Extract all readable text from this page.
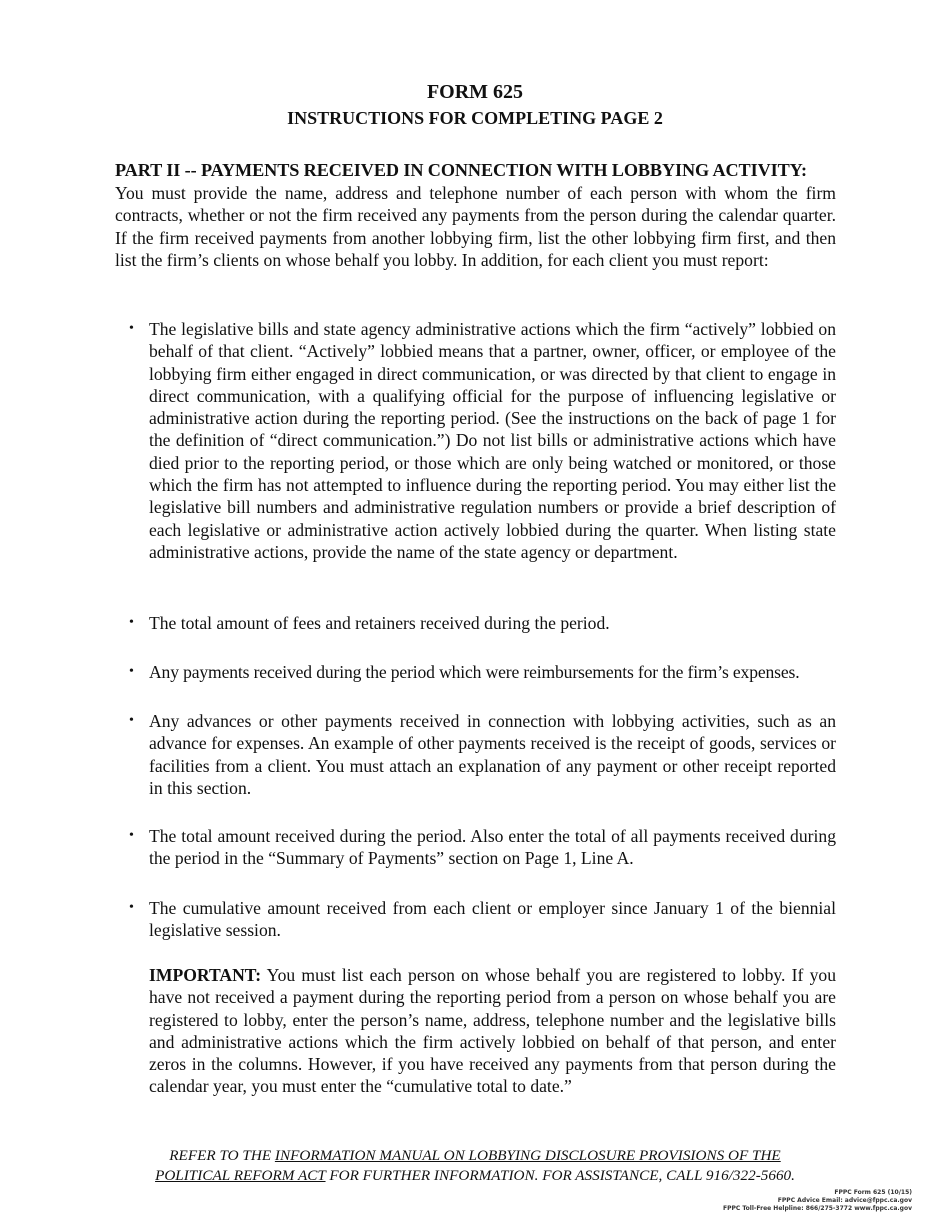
FORM 625
INSTRUCTIONS FOR COMPLETING PAGE 2
PART II -- PAYMENTS RECEIVED IN CONNECTION WITH LOBBYING ACTIVITY:
You must provide the name, address and telephone number of each person with whom the firm contracts, whether or not the firm received any payments from the person during the calendar quarter. If the firm received payments from another lobbying firm, list the other lobbying firm first, and then list the firm’s clients on whose behalf you lobby. In addition, for each client you must report:
• The legislative bills and state agency administrative actions which the firm “actively” lobbied on behalf of that client. “Actively” lobbied means that a partner, owner, officer, or employee of the lobbying firm either engaged in direct communication, or was directed by that client to engage in direct communication, with a qualifying official for the purpose of influencing legislative or administrative action during the reporting period. (See the instructions on the back of page 1 for the definition of “direct communication.”) Do not list bills or administrative actions which have died prior to the reporting period, or those which are only being watched or monitored, or those which the firm has not attempted to influence during the reporting period. You may either list the legislative bill numbers and administrative regulation numbers or provide a brief description of each legislative or administrative action actively lobbied during the quarter. When listing state administrative actions, provide the name of the state agency or department.
• The total amount of fees and retainers received during the period.
• Any payments received during the period which were reimbursements for the firm’s expenses.
• Any advances or other payments received in connection with lobbying activities, such as an advance for expenses. An example of other payments received is the receipt of goods, services or facilities from a client. You must attach an explanation of any payment or other receipt reported in this section.
• The total amount received during the period. Also enter the total of all payments received during the period in the “Summary of Payments” section on Page 1, Line A.
• The cumulative amount received from each client or employer since January 1 of the biennial legislative session.
IMPORTANT: You must list each person on whose behalf you are registered to lobby. If you have not received a payment during the reporting period from a person on whose behalf you are registered to lobby, enter the person’s name, address, telephone number and the legislative bills and administrative actions which the firm actively lobbied on behalf of that person, and enter zeros in the columns. However, if you have received any payments from that person during the calendar year, you must enter the “cumulative total to date.”
REFER TO THE INFORMATION MANUAL ON LOBBYING DISCLOSURE PROVISIONS OF THE
POLITICAL REFORM ACT FOR FURTHER INFORMATION. FOR ASSISTANCE, CALL 916/322-5660.
FPPC Form 625 (10/15)
FPPC Advice Email: advice@fppc.ca.gov
FPPC Toll-Free Helpline: 866/275-3772 www.fppc.ca.gov
